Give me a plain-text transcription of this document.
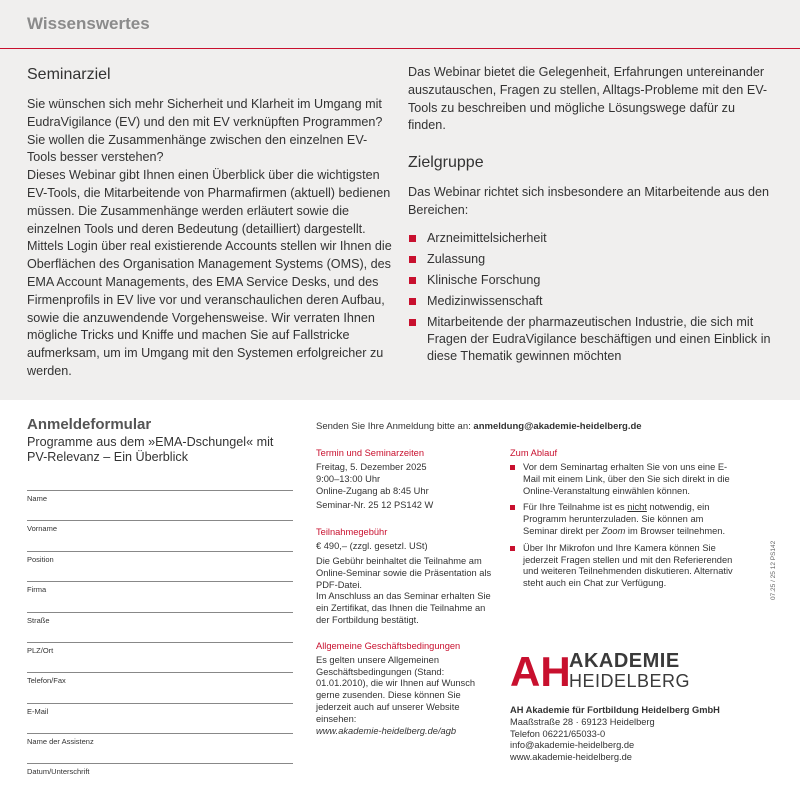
Wissenswertes
Seminarziel

Sie wünschen sich mehr Sicherheit und Klarheit im Umgang mit EudraVigilance (EV) und den mit EV verknüpften Programmen? Sie wollen die Zusammenhänge zwischen den einzelnen EV-Tools besser verstehen?

Dieses Webinar gibt Ihnen einen Überblick über die wichtigsten EV-Tools, die Mitarbeitende von Pharmafirmen (aktuell) bedienen müssen. Die Zusammenhänge werden erläutert sowie die einzelnen Tools und deren Bedeutung (detailliert) dargestellt.

Mittels Login über real existierende Accounts stellen wir Ihnen die Oberflächen des Organisation Management Systems (OMS), des EMA Account Managements, des EMA Service Desks, und des Firmenprofils in EV live vor und veranschaulichen deren Aufbau, sowie die anzuwendende Vorgehensweise. Wir verraten Ihnen mögliche Tricks und Kniffe und machen Sie auf Fallstricke aufmerksam, um im Umgang mit den Systemen erfolgreicher zu werden.

Das Webinar bietet die Gelegenheit, Erfahrungen untereinander auszutauschen, Fragen zu stellen, Alltags-Probleme mit den EV-Tools zu beschreiben und mögliche Lösungswege dafür zu finden.

Zielgruppe

Das Webinar richtet sich insbesondere an Mitarbeitende aus den Bereichen:

Arzneimittelsicherheit
Zulassung
Klinische Forschung
Medizinwissenschaft
Mitarbeitende der pharmazeutischen Industrie, die sich mit Fragen der EudraVigilance beschäftigen und einen Einblick in diese Thematik gewinnen möchten
Anmeldeformular
Programme aus dem »EMA-Dschungel« mit PV-Relevanz – Ein Überblick
Name
Vorname
Position
Firma
Straße
PLZ/Ort
Telefon/Fax
E-Mail
Name der Assistenz
Datum/Unterschrift
Senden Sie Ihre Anmeldung bitte an: anmeldung@akademie-heidelberg.de

Termin und Seminarzeiten

Freitag, 5. Dezember 2025

9:00–13:00 Uhr

Online-Zugang ab 8:45 Uhr

Seminar-Nr. 25 12 PS142 W

Teilnahmegebühr

€ 490,– (zzgl. gesetzl. USt)

Die Gebühr beinhaltet die Teilnahme am Online-Seminar sowie die Präsentation als PDF-Datei.

Im Anschluss an das Seminar erhalten Sie ein Zertifikat, das Ihnen die Teilnahme an der Fortbildung bestätigt.

Allgemeine Geschäftsbedingungen

Es gelten unsere Allgemeinen Geschäftsbedingungen (Stand: 01.01.2010), die wir Ihnen auf Wunsch gerne zusenden. Diese können Sie jederzeit auch auf unserer Website einsehen:

www.akademie-heidelberg.de/agb

Zum Ablauf

Vor dem Seminartag erhalten Sie von uns eine E-Mail mit einem Link, über den Sie sich direkt in die Online-Veranstaltung einwählen können.
Für Ihre Teilnahme ist es nicht notwendig, ein Programm herunterzuladen. Sie können am Seminar direkt per Zoom im Browser teilnehmen.
Über Ihr Mikrofon und Ihre Kamera können Sie jederzeit Fragen stellen und mit den Referierenden und weiteren Teilnehmenden diskutieren. Alternativ steht auch ein Chat zur Verfügung.
AH
AKADEMIE
HEIDELBERG

AH Akademie für Fortbildung Heidelberg GmbH

Maaßstraße 28 · 69123 Heidelberg

Telefon 06221/65033-0

info@akademie-heidelberg.de

www.akademie-heidelberg.de

07.25 / 25 12 PS142
